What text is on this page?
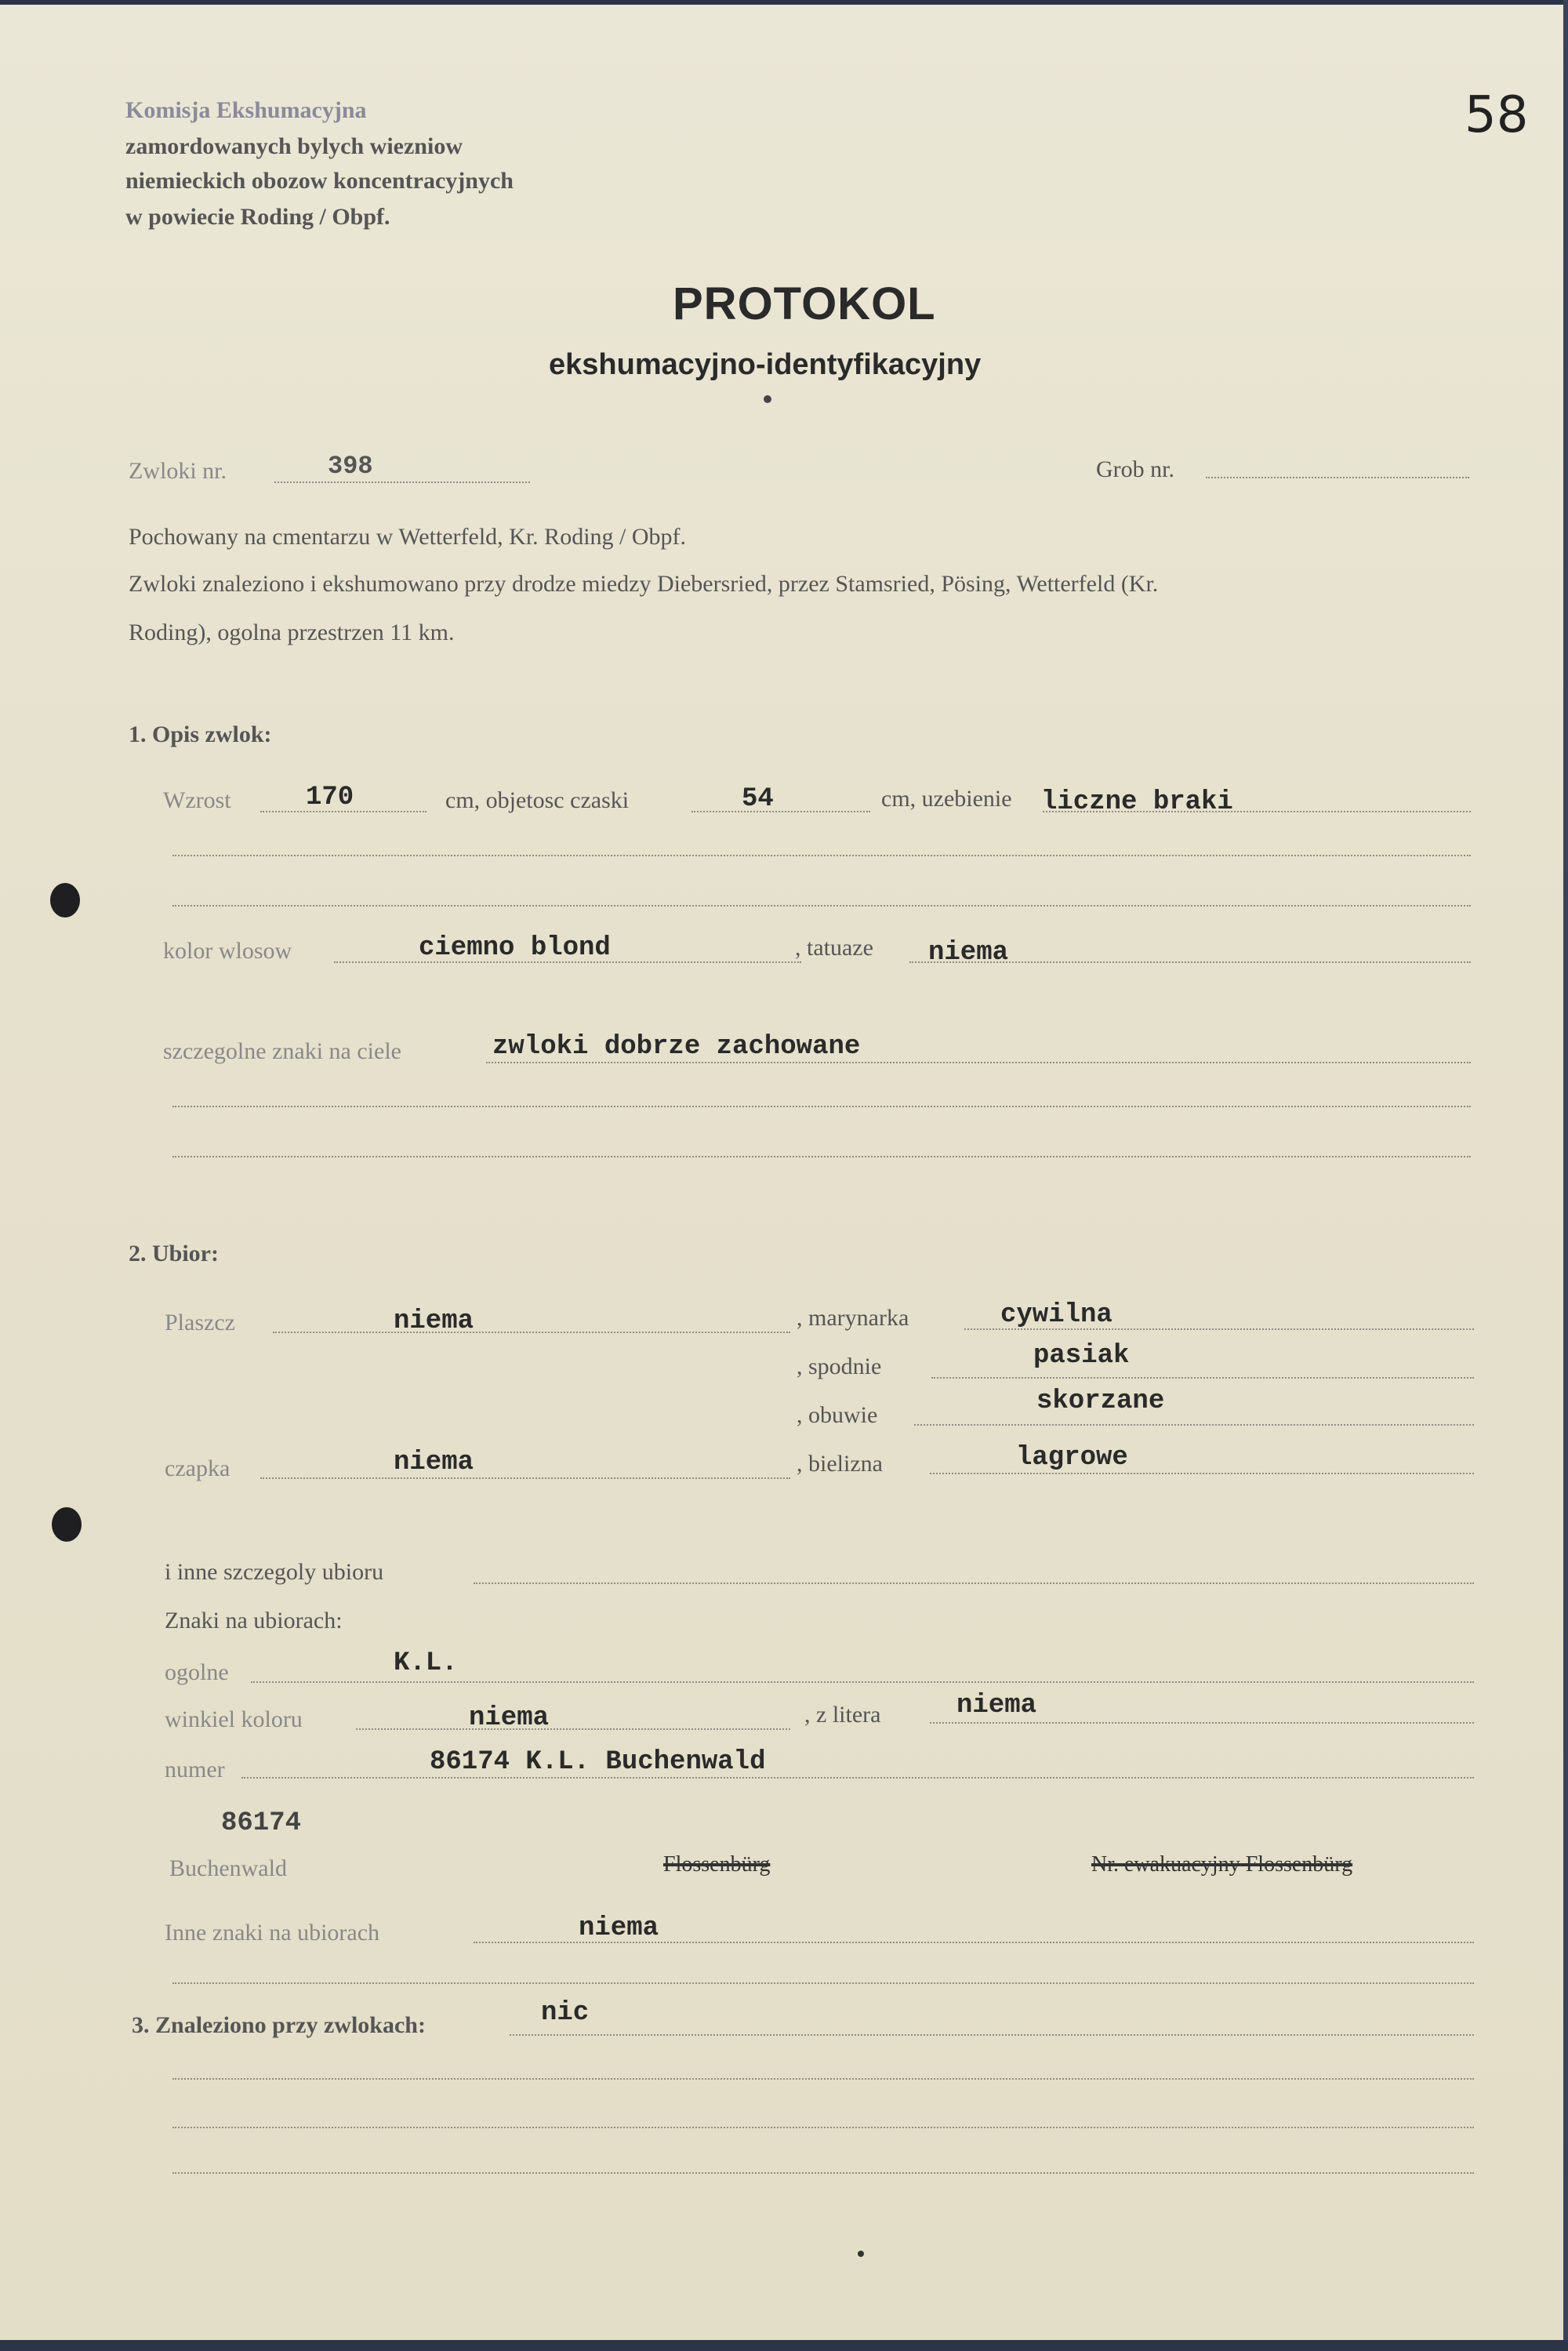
Komisja Ekshumacyjna
zamordowanych bylych wiezniow
niemieckich obozow koncentracyjnych
w powiecie Roding / Obpf.
58
PROTOKOL
ekshumacyjno-identyfikacyjny
Zwloki nr.	398	Grob nr.
Pochowany na cmentarzu w Wetterfeld, Kr. Roding / Obpf.
Zwloki znaleziono i ekshumowano przy drodze miedzy Diebersried, przez Stamsried, Pösing, Wetterfeld (Kr.
Roding), ogolna przestrzen 11 km.
1. Opis zwlok:
Wzrost	170	cm, objetosc czaski	54	cm, uzebienie liczne braki
kolor wlosow	ciemno blond	, tatuaze niema
szczegolne znaki na ciele	zwloki dobrze zachowane
2. Ubior:
Plaszcz	niema	, marynarka	cywilna
, spodnie	pasiak
, obuwie	skorzane
czapka	niema	, bielizna	lagrowe
i inne szczegoly ubioru
Znaki na ubiorach:
ogolne	K.L.
winkiel koloru	niema	, z litera	niema
numer	86174 K.L. Buchenwald
86174
Buchenwald	Flossenbürg	Nr. ewakuacyjny Flossenbürg
Inne znaki na ubiorach	niema
3. Znaleziono przy zwlokach:	nic
